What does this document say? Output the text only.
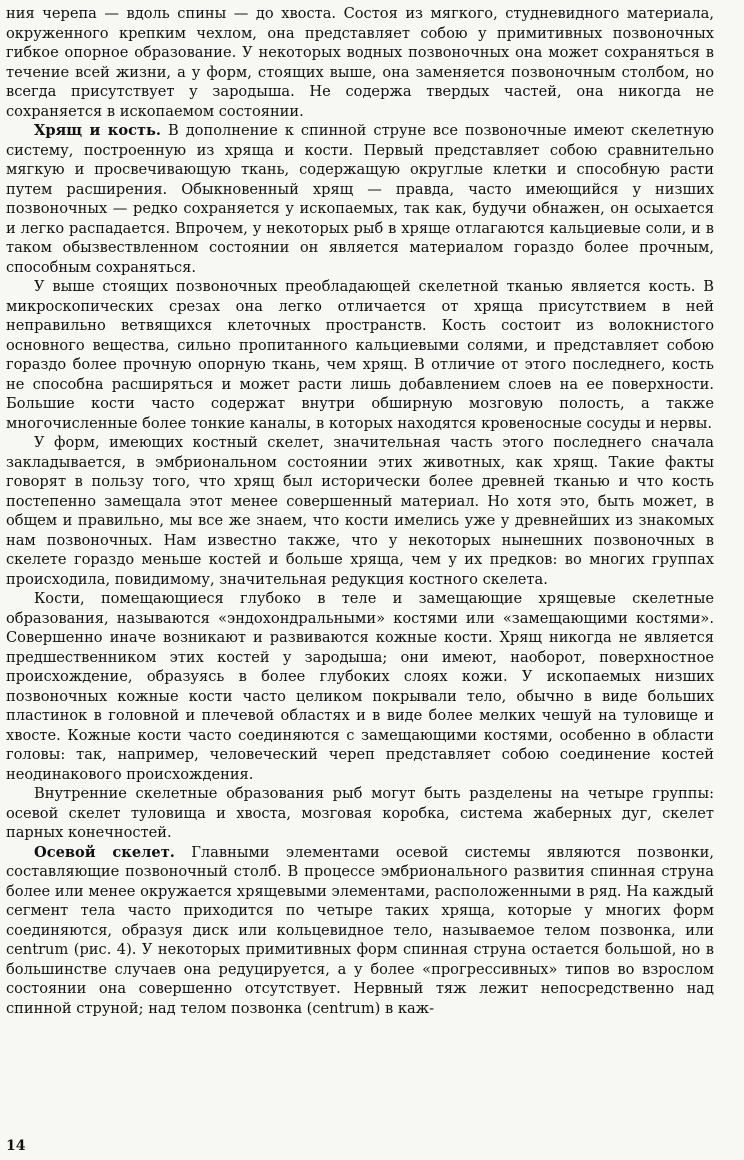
ния черепа — вдоль спины — до хвоста. Состоя из мягкого, студневидного материала, окруженного крепким чехлом, она представляет собою у примитивных позвоночных гибкое опорное образование. У некоторых водных позвоночных она может сохраняться в течение всей жизни, а у форм, стоящих выше, она заменяется позвоночным столбом, но всегда присутствует у зародыша. Не содержа твердых частей, она никогда не сохраняется в ископаемом состоянии.

Хрящ и кость. В дополнение к спинной струне все позвоночные имеют скелетную систему, построенную из хряща и кости. Первый представляет собою сравнительно мягкую и просвечивающую ткань, содержащую округлые клетки и способную расти путем расширения. Обыкновенный хрящ — правда, часто имеющийся у низших позвоночных — редко сохраняется у ископаемых, так как, будучи обнажен, он осыхается и легко распадается. Впрочем, у некоторых рыб в хряще отлагаются кальциевые соли, и в таком обызвествленном состоянии он является материалом гораздо более прочным, способным сохраняться.

У выше стоящих позвоночных преобладающей скелетной тканью является кость. В микроскопических срезах она легко отличается от хряща присутствием в ней неправильно ветвящихся клеточных пространств. Кость состоит из волокнистого основного вещества, сильно пропитанного кальциевыми солями, и представляет собою гораздо более прочную опорную ткань, чем хрящ. В отличие от этого последнего, кость не способна расширяться и может расти лишь добавлением слоев на ее поверхности. Большие кости часто содержат внутри обширную мозговую полость, а также многочисленные более тонкие каналы, в которых находятся кровеносные сосуды и нервы.

У форм, имеющих костный скелет, значительная часть этого последнего сначала закладывается, в эмбриональном состоянии этих животных, как хрящ. Такие факты говорят в пользу того, что хрящ был исторически более древней тканью и что кость постепенно замещала этот менее совершенный материал. Но хотя это, быть может, в общем и правильно, мы все же знаем, что кости имелись уже у древнейших из знакомых нам позвоночных. Нам известно также, что у некоторых нынешних позвоночных в скелете гораздо меньше костей и больше хряща, чем у их предков: во многих группах происходила, повидимому, значительная редукция костного скелета.

Кости, помещающиеся глубоко в теле и замещающие хрящевые скелетные образования, называются «эндохондральными» костями или «замещающими костями». Совершенно иначе возникают и развиваются кожные кости. Хрящ никогда не является предшественником этих костей у зародыша; они имеют, наоборот, поверхностное происхождение, образуясь в более глубоких слоях кожи. У ископаемых низших позвоночных кожные кости часто целиком покрывали тело, обычно в виде больших пластинок в головной и плечевой областях и в виде более мелких чешуй на туловище и хвосте. Кожные кости часто соединяются с замещающими костями, особенно в области головы: так, например, человеческий череп представляет собою соединение костей неодинакового происхождения.

Внутренние скелетные образования рыб могут быть разделены на четыре группы: осевой скелет туловища и хвоста, мозговая коробка, система жаберных дуг, скелет парных конечностей.

Осевой скелет. Главными элементами осевой системы являются позвонки, составляющие позвоночный столб. В процессе эмбрионального развития спинная струна более или менее окружается хрящевыми элементами, расположенными в ряд. На каждый сегмент тела часто приходится по четыре таких хряща, которые у многих форм соединяются, образуя диск или кольцевидное тело, называемое телом позвонка, или centrum (рис. 4). У некоторых примитивных форм спинная струна остается большой, но в большинстве случаев она редуцируется, а у более «прогрессивных» типов во взрослом состоянии она совершенно отсутствует. Нервный тяж лежит непосредственно над спинной струной; над телом позвонка (centrum) в каж-

14
